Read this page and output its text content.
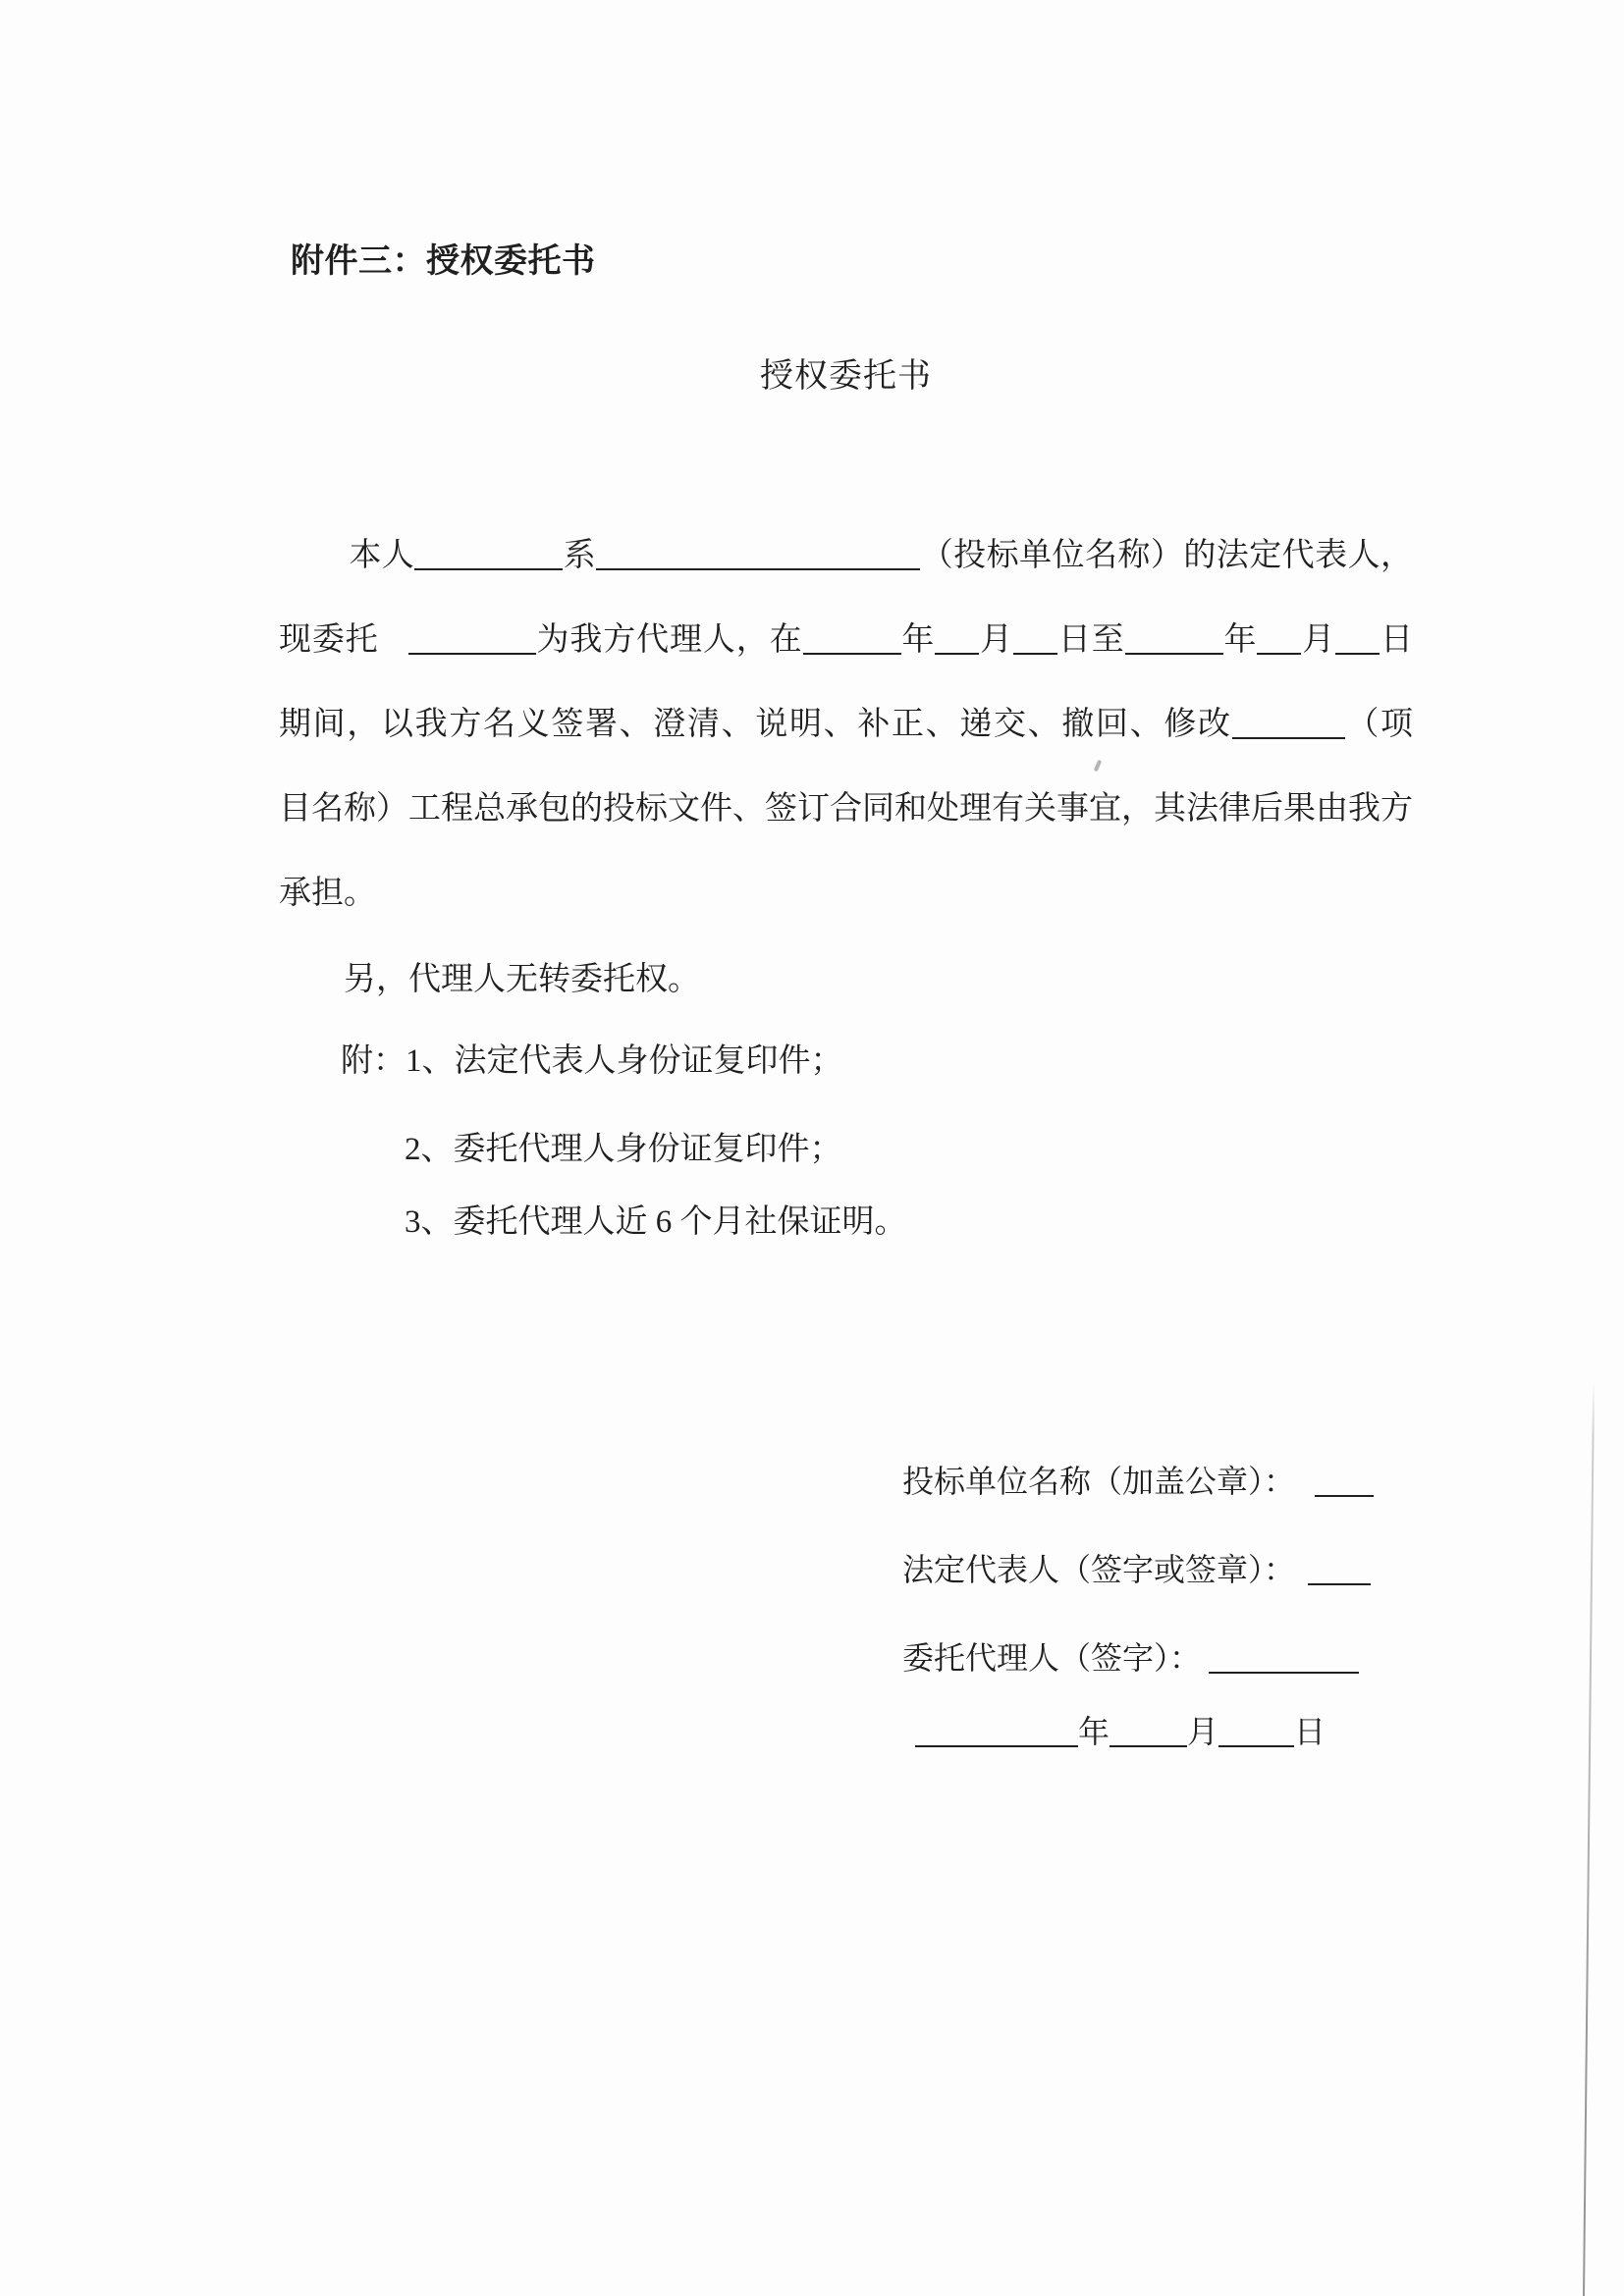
附件三：授权委托书
授权委托书
本人	系	（投标单位名称）的法定代表人，
现委托	为我方代理人，在	年 月 日至	年 月 日
期间，以我方名义签署、澄清、说明、补正、递交、撤回、修改	（项
目名称）工程总承包的投标文件、签订合同和处理有关事宜，其法律后果由我方
承担。
另，代理人无转委托权。
附：1、法定代表人身份证复印件；
2、委托代理人身份证复印件；
3、委托代理人近 6 个月社保证明。
投标单位名称（加盖公章）：
法定代表人（签字或签章）：
委托代理人（签字）：
年 月 日
